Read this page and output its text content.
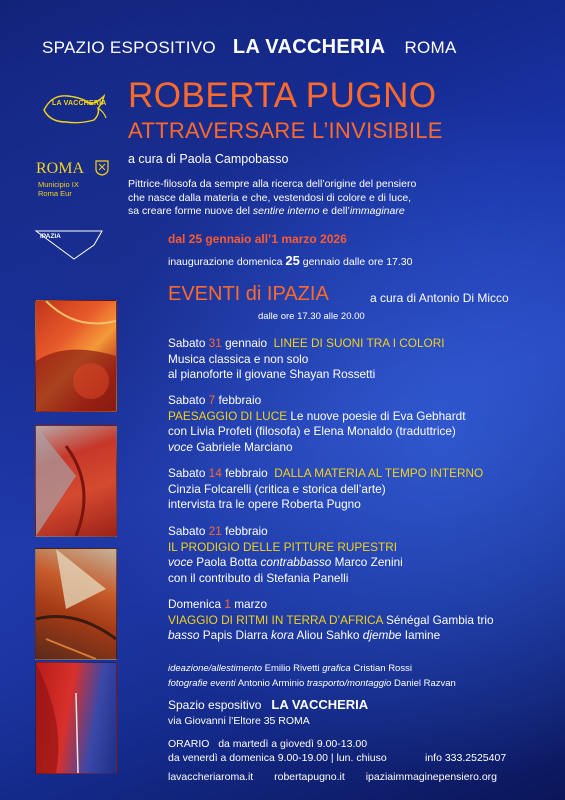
SPAZIO ESPOSITIVO LA VACCHERIA ROMA
LA VACCHERIA
ROMA
Municipio IX
Roma Eur
IPAZIA
ROBERTA PUGNO
ATTRAVERSARE L’INVISIBILE
a cura di Paola Campobasso
Pittrice-filosofa da sempre alla ricerca dell’origine del pensiero
che nasce dalla materia e che, vestendosi di colore e di luce,
sa creare forme nuove del sentire interno e dell’immaginare
dal 25 gennaio all’1 marzo 2026
inaugurazione domenica 25 gennaio dalle ore 17.30
EVENTI di IPAZIA	a cura di Antonio Di Micco
dalle ore 17.30 alle 20.00
Sabato 31 gennaio LINEE DI SUONI TRA I COLORI
Musica classica e non solo
al pianoforte il giovane Shayan Rossetti
Sabato 7 febbraio
PAESAGGIO DI LUCE Le nuove poesie di Eva Gebhardt
con Livia Profeti (filosofa) e Elena Monaldo (traduttrice)
voce Gabriele Marciano
Sabato 14 febbraio DALLA MATERIA AL TEMPO INTERNO
Cinzia Folcarelli (critica e storica dell’arte)
intervista tra le opere Roberta Pugno
Sabato 21 febbraio
IL PRODIGIO DELLE PITTURE RUPESTRI
voce Paola Botta contrabbasso Marco Zenini
con il contributo di Stefania Panelli
Domenica 1 marzo
VIAGGIO DI RITMI IN TERRA D’AFRICA Sénégal Gambia trio
basso Papis Diarra kora Aliou Sahko djembe Iamine
ideazione/allestimento Emilio Rivetti grafica Cristian Rossi
fotografie eventi Antonio Arminio trasporto/montaggio Daniel Razvan
Spazio espositivo LA VACCHERIA
via Giovanni l’Eltore 35 ROMA
ORARIO da martedì a giovedì 9.00-13.00
da venerdì a domenica 9.00-19.00 | lun. chiuso	info 333.2525407
lavaccheriaroma.it robertapugno.it ipaziaimmaginepensiero.org
